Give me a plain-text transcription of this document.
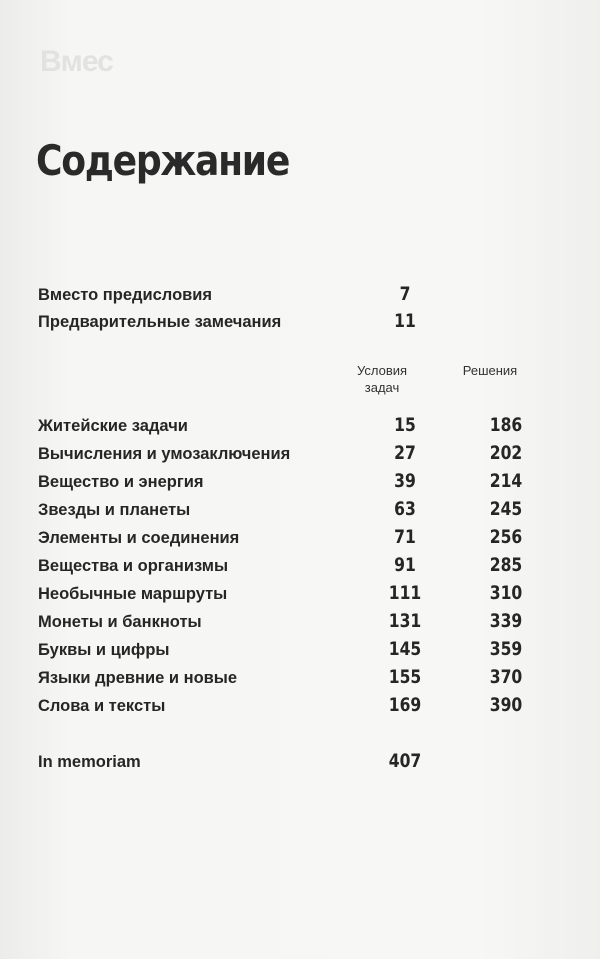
Вмес
Содержание
Вместо предисловия	7
Предварительные замечания	11
Условия задач
Решения
Житейские задачи	15	186
Вычисления и умозаключения	27	202
Вещество и энергия	39	214
Звезды и планеты	63	245
Элементы и соединения	71	256
Вещества и организмы	91	285
Необычные маршруты	111	310
Монеты и банкноты	131	339
Буквы и цифры	145	359
Языки древние и новые	155	370
Слова и тексты	169	390
In memoriam	407
